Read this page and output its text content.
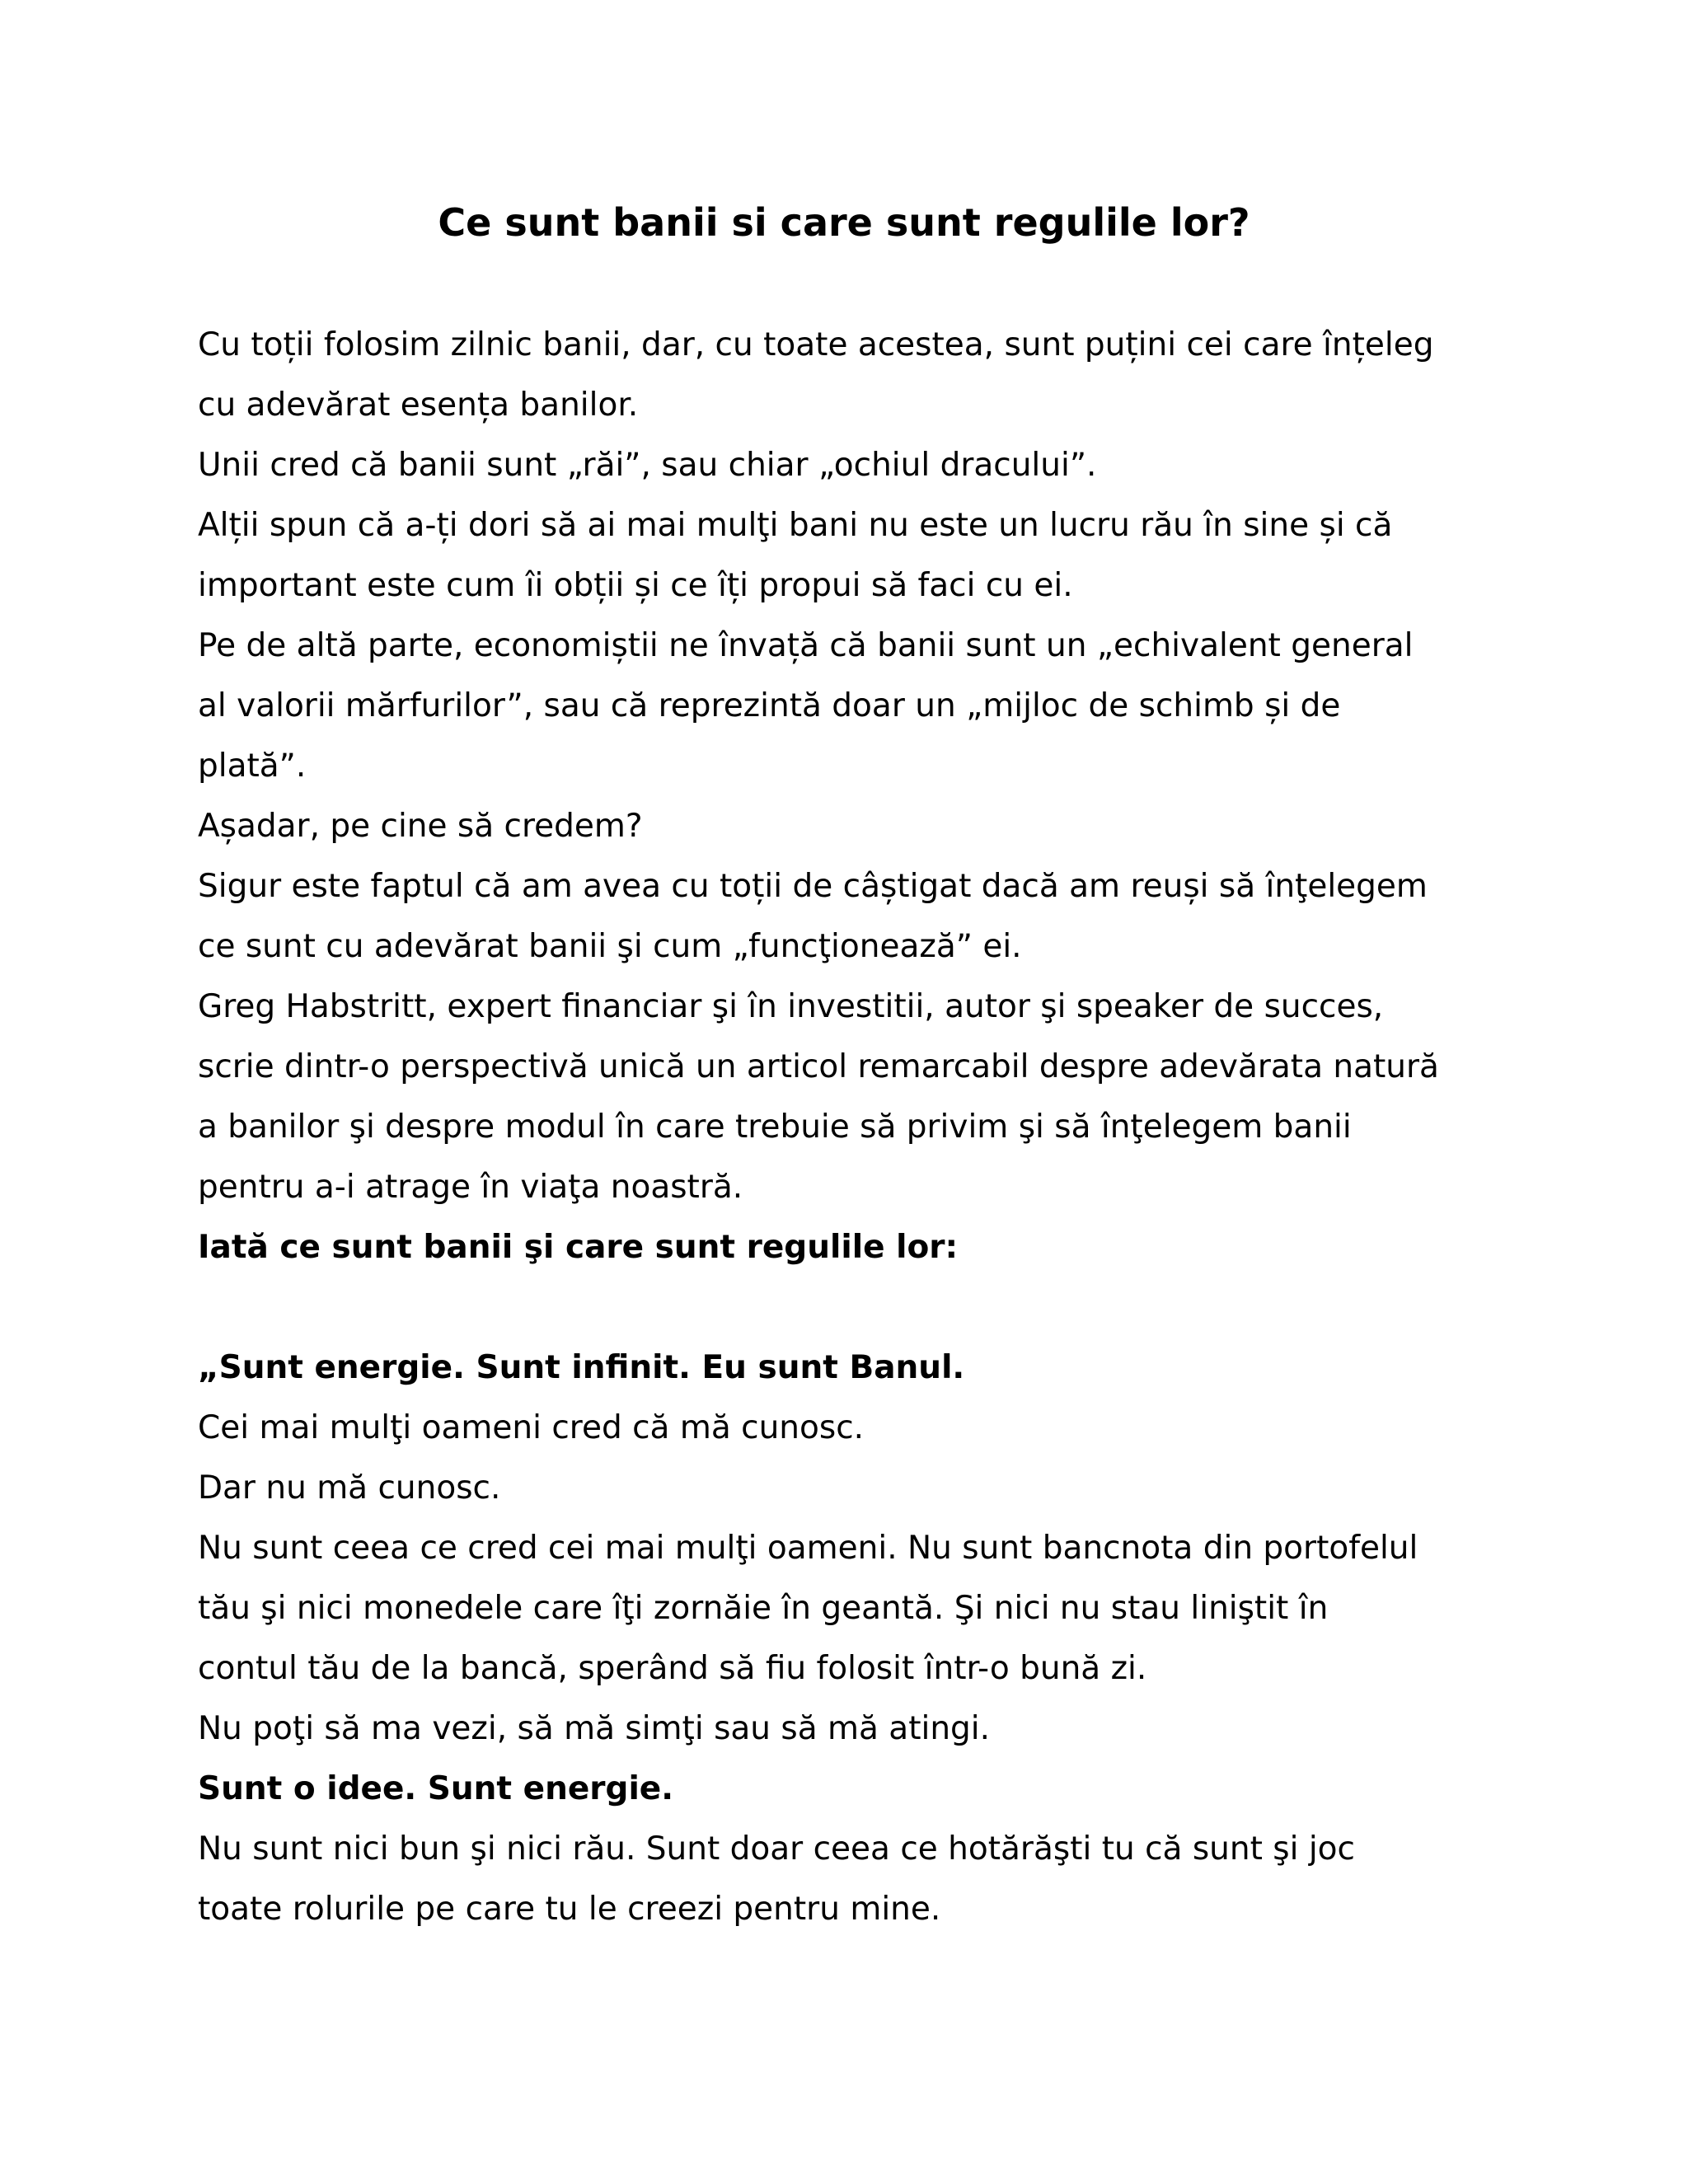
Ce sunt banii si care sunt regulile lor?

Cu toții folosim zilnic banii, dar, cu toate acestea, sunt puțini cei care înțeleg

cu adevărat esența banilor.

Unii cred că banii sunt „răi”, sau chiar „ochiul dracului”.

Alții spun că a-ți dori să ai mai mulţi bani nu este un lucru rău în sine și că

important este cum îi obții și ce îți propui să faci cu ei.

Pe de altă parte, economiștii ne învață că banii sunt un „echivalent general

al valorii mărfurilor”, sau că reprezintă doar un „mijloc de schimb și de

plată”.

Așadar, pe cine să credem?

Sigur este faptul că am avea cu toții de câștigat dacă am reuși să înţelegem

ce sunt cu adevărat banii şi cum „funcţionează” ei.

Greg Habstritt, expert financiar şi în investitii, autor şi speaker de succes,

scrie dintr-o perspectivă unică un articol remarcabil despre adevărata natură

a banilor şi despre modul în care trebuie să privim şi să înţelegem banii

pentru a-i atrage în viaţa noastră.

Iată ce sunt banii şi care sunt regulile lor:

„Sunt energie. Sunt infinit. Eu sunt Banul.

Cei mai mulţi oameni cred că mă cunosc.

Dar nu mă cunosc.

Nu sunt ceea ce cred cei mai mulţi oameni. Nu sunt bancnota din portofelul

tău şi nici monedele care îţi zornăie în geantă. Şi nici nu stau liniştit în

contul tău de la bancă, sperând să fiu folosit într-o bună zi.

Nu poţi să ma vezi, să mă simţi sau să mă atingi.

Sunt o idee. Sunt energie.

Nu sunt nici bun şi nici rău. Sunt doar ceea ce hotărăşti tu că sunt şi joc

toate rolurile pe care tu le creezi pentru mine.
